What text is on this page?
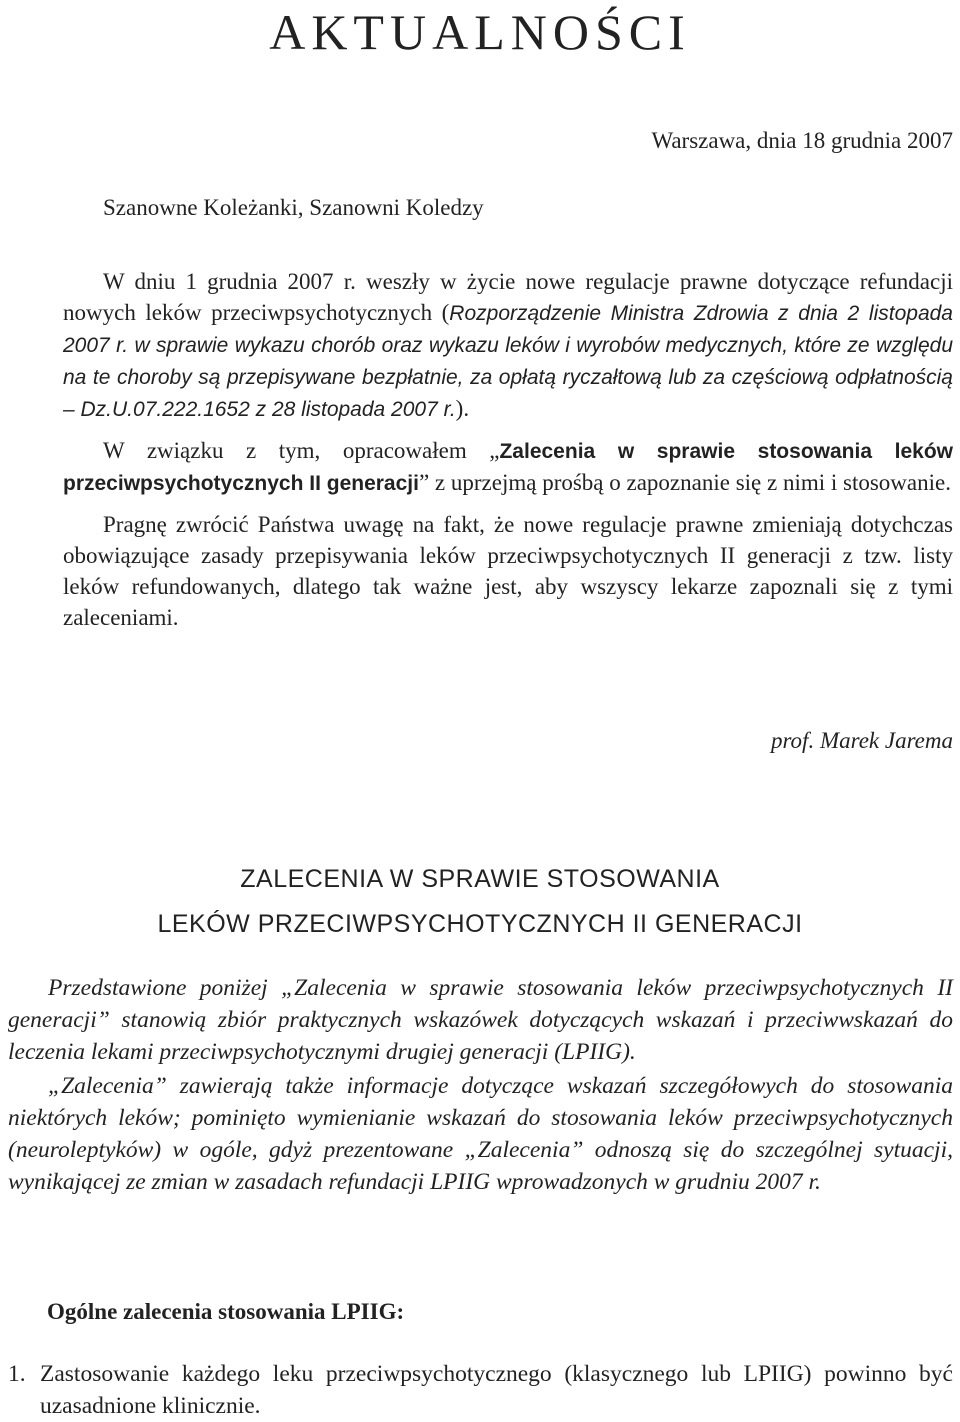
AKTUALNOŚCI
Warszawa, dnia 18 grudnia 2007
Szanowne Koleżanki, Szanowni Koledzy

W dniu 1 grudnia 2007 r. weszły w życie nowe regulacje prawne dotyczące refundacji nowych leków przeciwpsychotycznych (Rozporządzenie Ministra Zdrowia z dnia 2 listopada 2007 r. w sprawie wykazu chorób oraz wykazu leków i wyrobów medycznych, które ze względu na te choroby są przepisywane bezpłatnie, za opłatą ryczałtową lub za częściową odpłatnością – Dz.U.07.222.1652 z 28 listopada 2007 r.).

W związku z tym, opracowałem „Zalecenia w sprawie stosowania leków przeciwpsychotycznych II generacji” z uprzejmą prośbą o zapoznanie się z nimi i stosowanie.

Pragnę zwrócić Państwa uwagę na fakt, że nowe regulacje prawne zmieniają dotychczas obowiązujące zasady przepisywania leków przeciwpsychotycznych II generacji z tzw. listy leków refundowanych, dlatego tak ważne jest, aby wszyscy lekarze zapoznali się z tymi zaleceniami.

prof. Marek Jarema
ZALECENIA W SPRAWIE STOSOWANIA
LEKÓW PRZECIWPSYCHOTYCZNYCH II GENERACJI

Przedstawione poniżej „Zalecenia w sprawie stosowania leków przeciwpsychotycznych II generacji” stanowią zbiór praktycznych wskazówek dotyczących wskazań i przeciwwskazań do leczenia lekami przeciwpsychotycznymi drugiej generacji (LPIIG).

„Zalecenia” zawierają także informacje dotyczące wskazań szczegółowych do stosowania niektórych leków; pominięto wymienianie wskazań do stosowania leków przeciwpsychotycznych (neuroleptyków) w ogóle, gdyż prezentowane „Zalecenia” odnoszą się do szczególnej sytuacji, wynikającej ze zmian w zasadach refundacji LPIIG wprowadzonych w grudniu 2007 r.

Ogólne zalecenia stosowania LPIIG:
1. Zastosowanie każdego leku przeciwpsychotycznego (klasycznego lub LPIIG) powinno być uzasadnione klinicznie.
